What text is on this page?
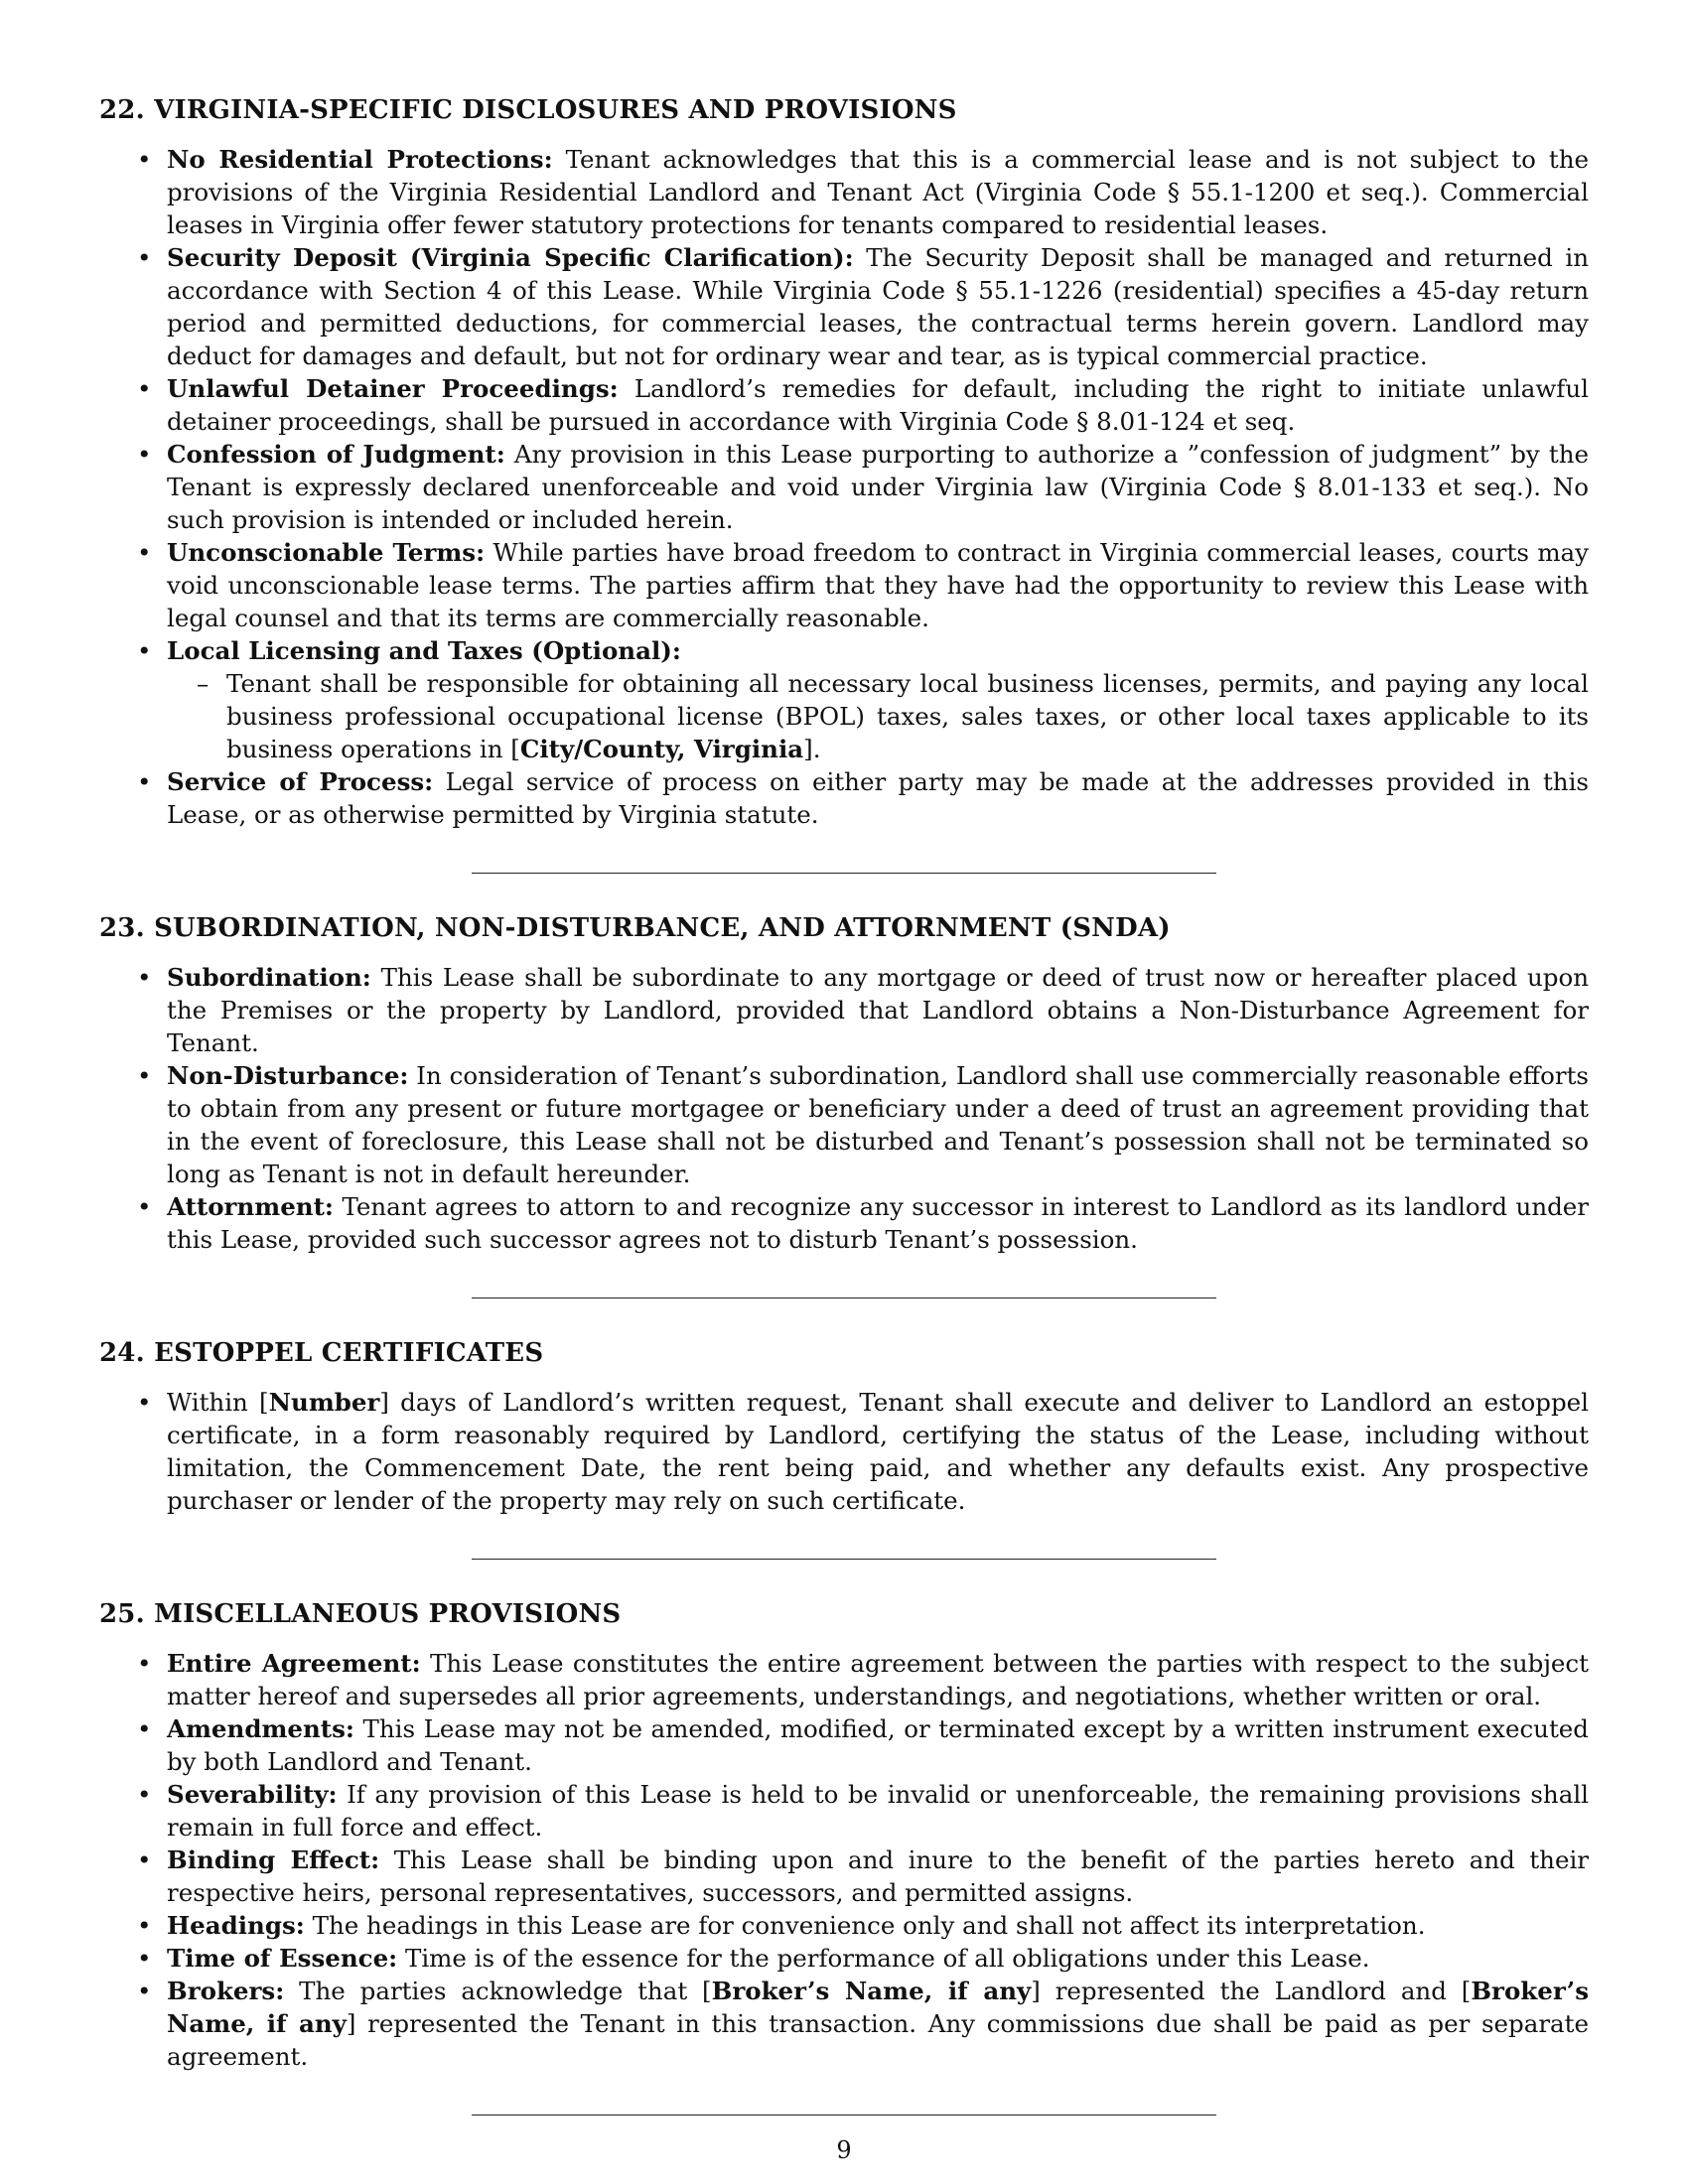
22. VIRGINIA-SPECIFIC DISCLOSURES AND PROVISIONS
• No Residential Protections: Tenant acknowledges that this is a commercial lease and is not subject to the provisions of the Virginia Residential Landlord and Tenant Act (Virginia Code § 55.1-1200 et seq.). Commercial leases in Virginia offer fewer statutory protections for tenants compared to residential leases.
• Security Deposit (Virginia Specific Clarification): The Security Deposit shall be managed and returned in accordance with Section 4 of this Lease. While Virginia Code § 55.1-1226 (residential) specifies a 45-day return period and permitted deductions, for commercial leases, the contractual terms herein govern. Landlord may deduct for damages and default, but not for ordinary wear and tear, as is typical commercial practice.
• Unlawful Detainer Proceedings: Landlord’s remedies for default, including the right to initiate unlawful detainer proceedings, shall be pursued in accordance with Virginia Code § 8.01-124 et seq.
• Confession of Judgment: Any provision in this Lease purporting to authorize a ”confession of judgment” by the Tenant is expressly declared unenforceable and void under Virginia law (Virginia Code § 8.01-133 et seq.). No such provision is intended or included herein.
• Unconscionable Terms: While parties have broad freedom to contract in Virginia commercial leases, courts may void unconscionable lease terms. The parties affirm that they have had the opportunity to review this Lease with legal counsel and that its terms are commercially reasonable.
• Local Licensing and Taxes (Optional):
– Tenant shall be responsible for obtaining all necessary local business licenses, permits, and paying any local business professional occupational license (BPOL) taxes, sales taxes, or other local taxes applicable to its business operations in [City/County, Virginia].
• Service of Process: Legal service of process on either party may be made at the addresses provided in this Lease, or as otherwise permitted by Virginia statute.
23. SUBORDINATION, NON-DISTURBANCE, AND ATTORNMENT (SNDA)
• Subordination: This Lease shall be subordinate to any mortgage or deed of trust now or hereafter placed upon the Premises or the property by Landlord, provided that Landlord obtains a Non-Disturbance Agreement for Tenant.
• Non-Disturbance: In consideration of Tenant’s subordination, Landlord shall use commercially reasonable efforts to obtain from any present or future mortgagee or beneficiary under a deed of trust an agreement providing that in the event of foreclosure, this Lease shall not be disturbed and Tenant’s possession shall not be terminated so long as Tenant is not in default hereunder.
• Attornment: Tenant agrees to attorn to and recognize any successor in interest to Landlord as its landlord under this Lease, provided such successor agrees not to disturb Tenant’s possession.
24. ESTOPPEL CERTIFICATES
• Within [Number] days of Landlord’s written request, Tenant shall execute and deliver to Landlord an estoppel certificate, in a form reasonably required by Landlord, certifying the status of the Lease, including without limitation, the Commencement Date, the rent being paid, and whether any defaults exist. Any prospective purchaser or lender of the property may rely on such certificate.
25. MISCELLANEOUS PROVISIONS
• Entire Agreement: This Lease constitutes the entire agreement between the parties with respect to the subject matter hereof and supersedes all prior agreements, understandings, and negotiations, whether written or oral.
• Amendments: This Lease may not be amended, modified, or terminated except by a written instrument executed by both Landlord and Tenant.
• Severability: If any provision of this Lease is held to be invalid or unenforceable, the remaining provisions shall remain in full force and effect.
• Binding Effect: This Lease shall be binding upon and inure to the benefit of the parties hereto and their respective heirs, personal representatives, successors, and permitted assigns.
• Headings: The headings in this Lease are for convenience only and shall not affect its interpretation.
• Time of Essence: Time is of the essence for the performance of all obligations under this Lease.
• Brokers: The parties acknowledge that [Broker’s Name, if any] represented the Landlord and [Broker’s Name, if any] represented the Tenant in this transaction. Any commissions due shall be paid as per separate agreement.
9
